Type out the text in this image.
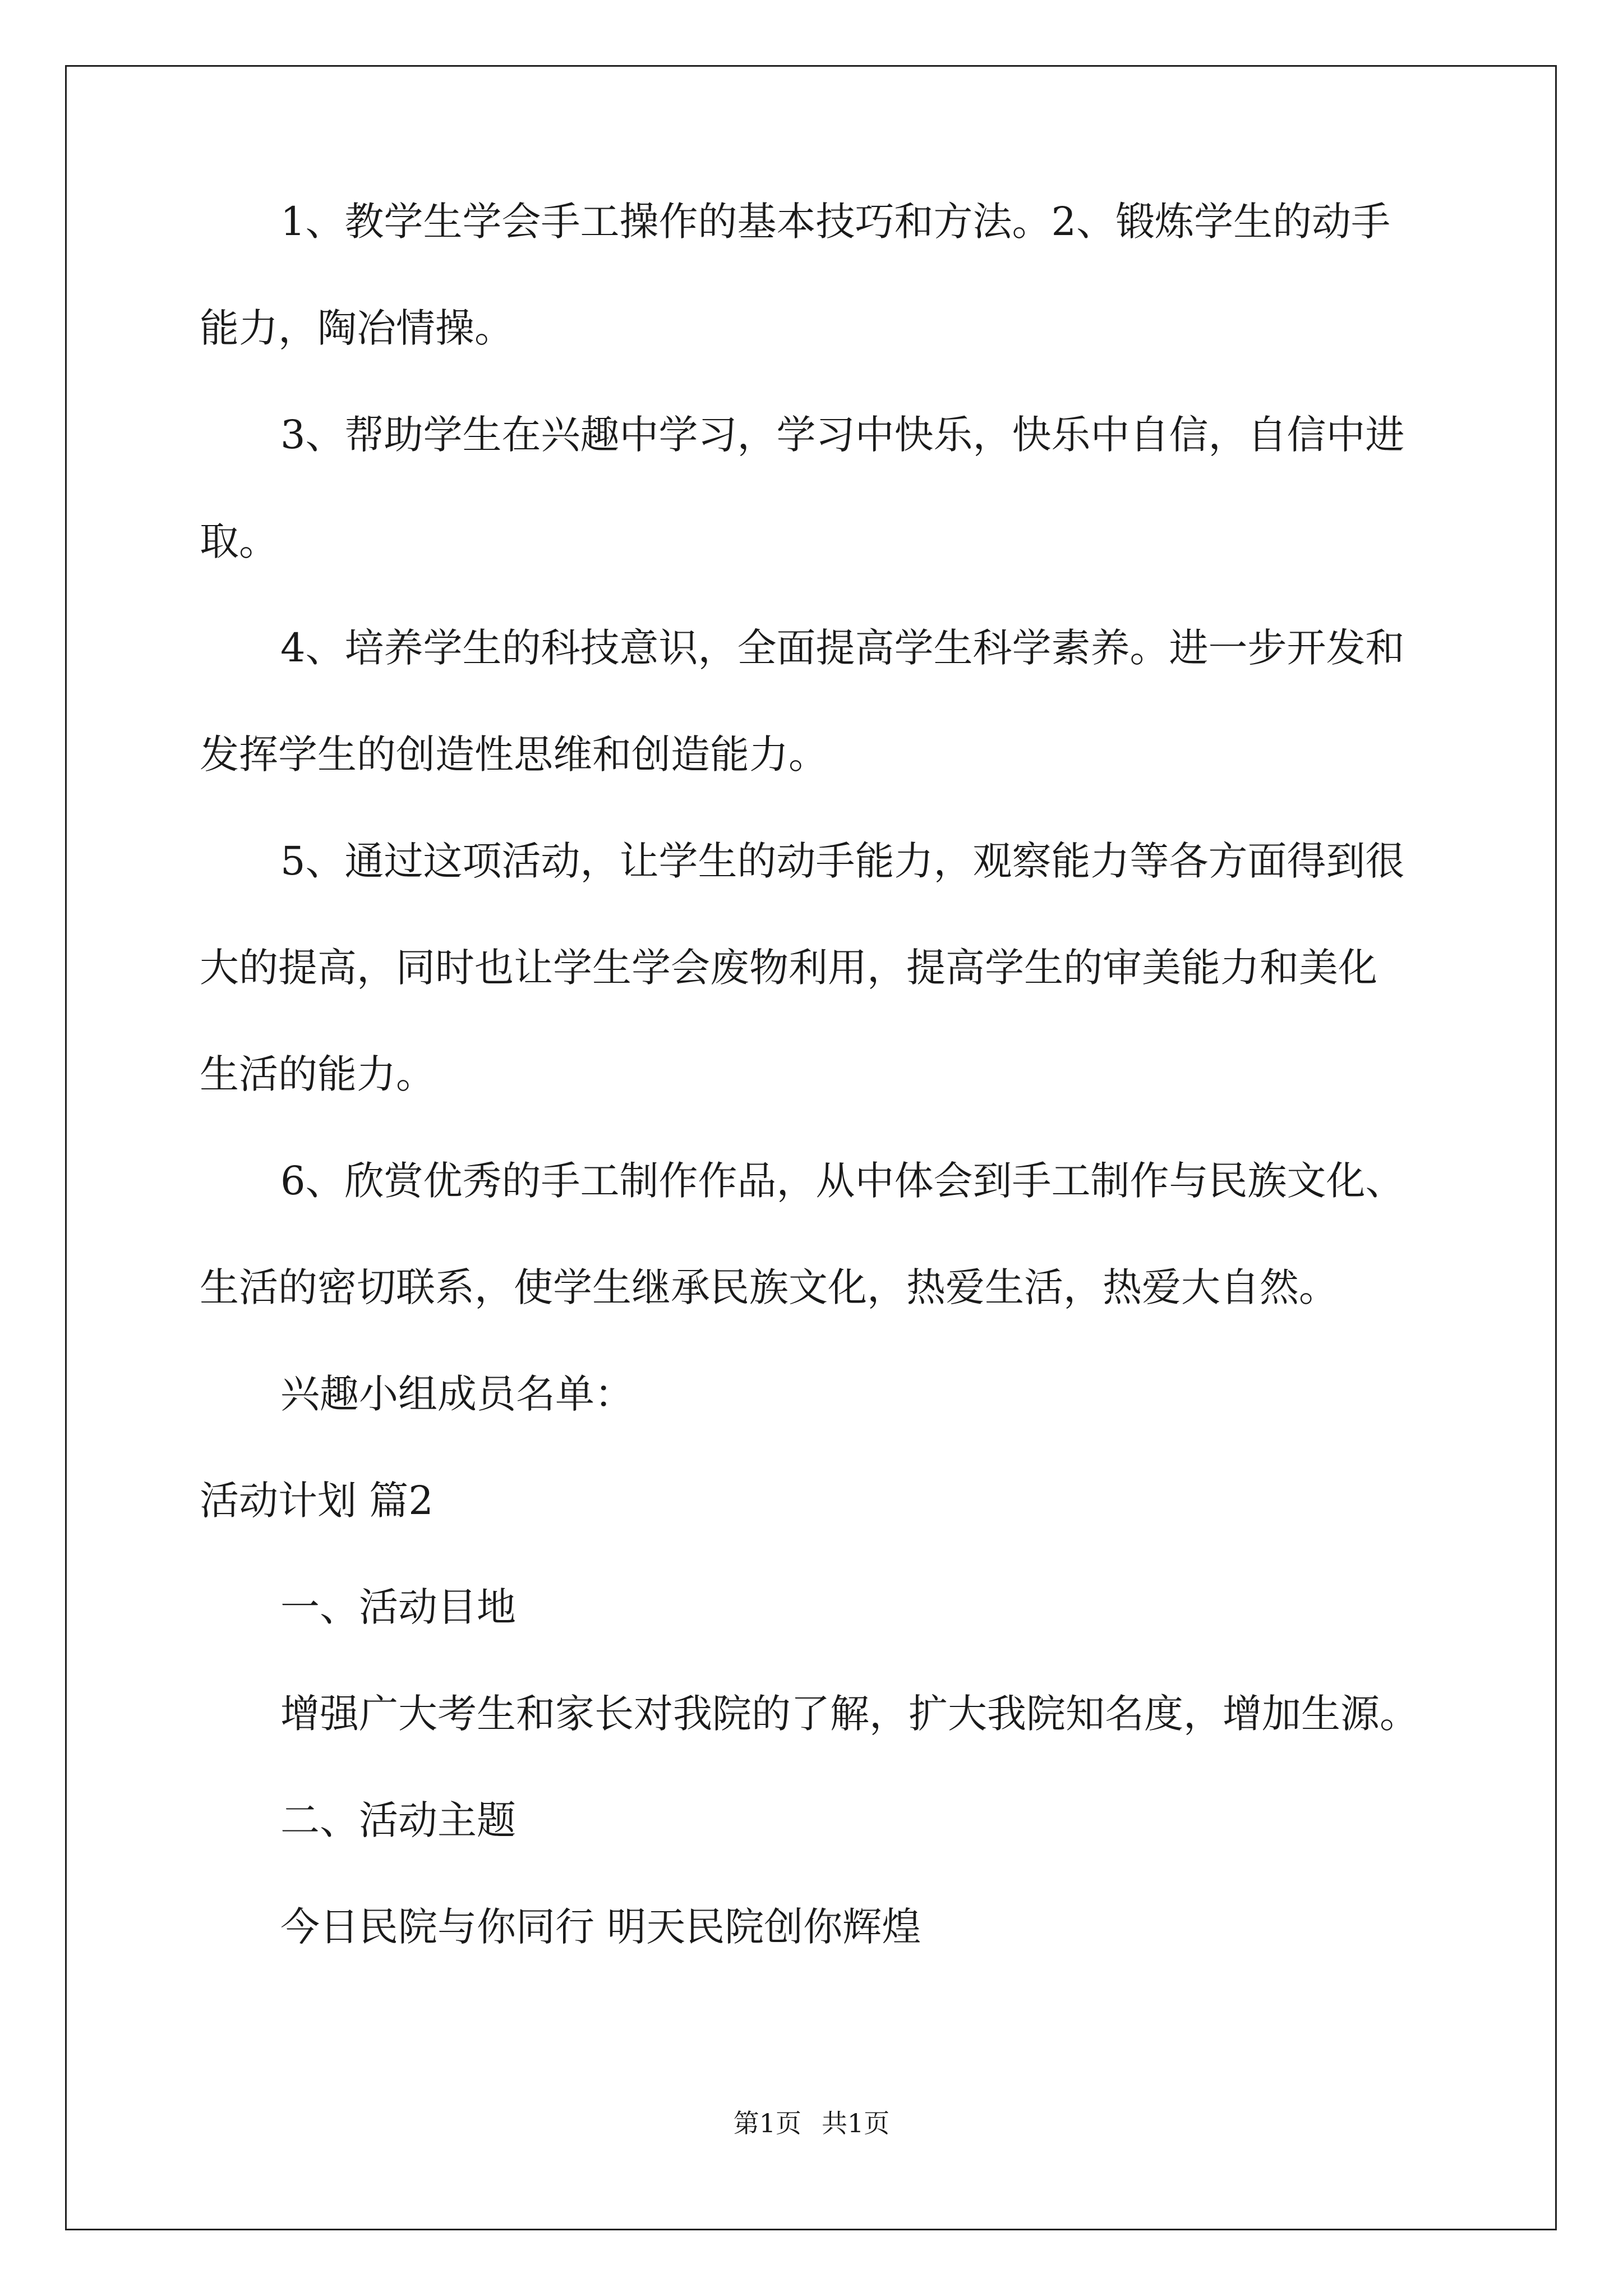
1、教学生学会手工操作的基本技巧和方法。2、锻炼学生的动手
能力，陶冶情操。
3、帮助学生在兴趣中学习，学习中快乐，快乐中自信，自信中进
取。
4、培养学生的科技意识，全面提高学生科学素养。进一步开发和
发挥学生的创造性思维和创造能力。
5、通过这项活动，让学生的动手能力，观察能力等各方面得到很
大的提高，同时也让学生学会废物利用，提高学生的审美能力和美化
生活的能力。
6、欣赏优秀的手工制作作品，从中体会到手工制作与民族文化、
生活的密切联系，使学生继承民族文化，热爱生活，热爱大自然。
兴趣小组成员名单：
活动计划 篇2
一、活动目地
增强广大考生和家长对我院的了解，扩大我院知名度，增加生源。
二、活动主题
今日民院与你同行 明天民院创你辉煌
第1页 共1页
